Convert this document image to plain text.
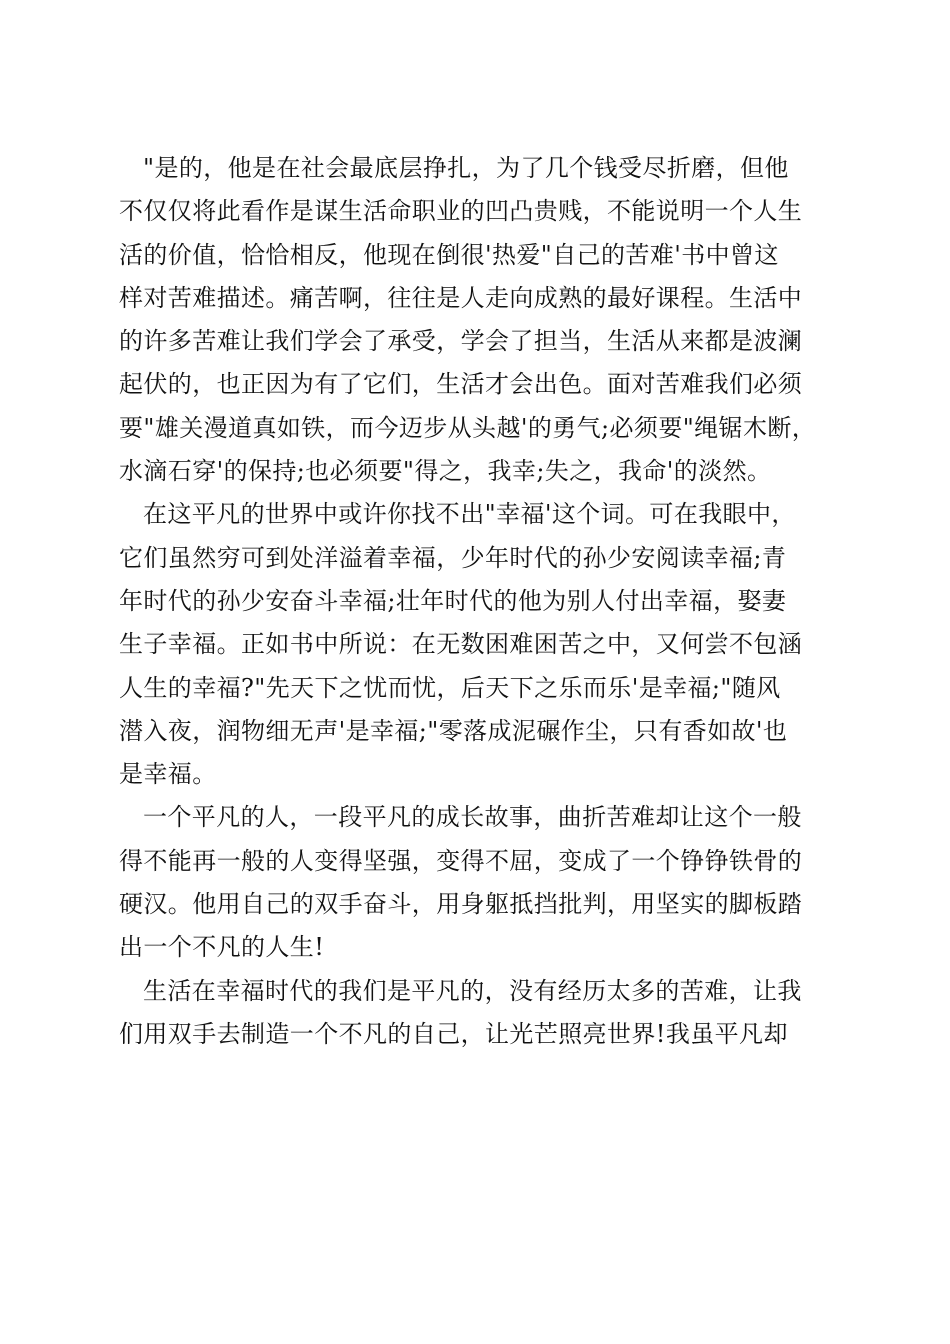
"是的，他是在社会最底层挣扎，为了几个钱受尽折磨，但他
不仅仅将此看作是谋生活命职业的凹凸贵贱，不能说明一个人生
活的价值，恰恰相反，他现在倒很'热爱"自己的苦难'书中曾这
样对苦难描述。痛苦啊，往往是人走向成熟的最好课程。生活中
的许多苦难让我们学会了承受，学会了担当，生活从来都是波澜
起伏的，也正因为有了它们，生活才会出色。面对苦难我们必须
要"雄关漫道真如铁，而今迈步从头越'的勇气;必须要"绳锯木断，
水滴石穿'的保持;也必须要"得之，我幸;失之，我命'的淡然。
在这平凡的世界中或许你找不出"幸福'这个词。可在我眼中，
它们虽然穷可到处洋溢着幸福，少年时代的孙少安阅读幸福;青
年时代的孙少安奋斗幸福;壮年时代的他为别人付出幸福，娶妻
生子幸福。正如书中所说：在无数困难困苦之中，又何尝不包涵
人生的幸福?"先天下之忧而忧，后天下之乐而乐'是幸福;"随风
潜入夜，润物细无声'是幸福;"零落成泥碾作尘，只有香如故'也
是幸福。
一个平凡的人，一段平凡的成长故事，曲折苦难却让这个一般
得不能再一般的人变得坚强，变得不屈，变成了一个铮铮铁骨的
硬汉。他用自己的双手奋斗，用身躯抵挡批判，用坚实的脚板踏
出一个不凡的人生!
生活在幸福时代的我们是平凡的，没有经历太多的苦难，让我
们用双手去制造一个不凡的自己，让光芒照亮世界!我虽平凡却
